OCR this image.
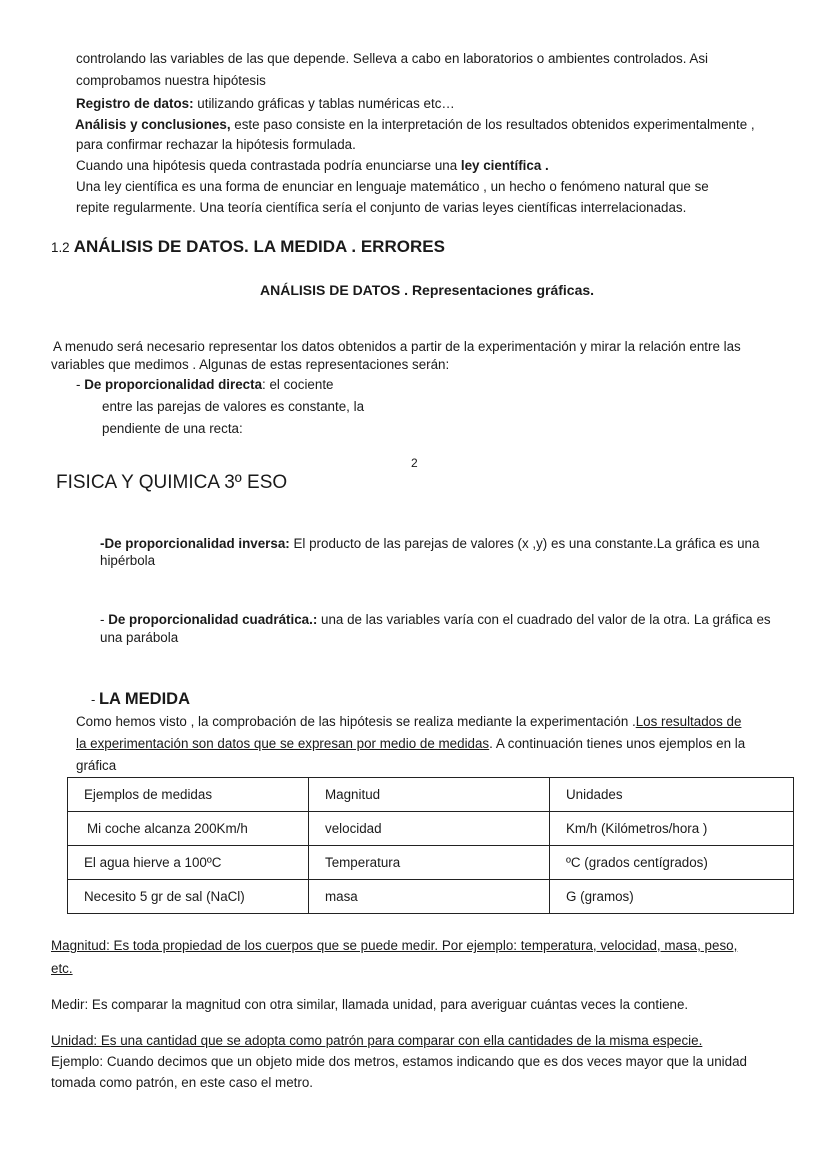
controlando las variables de las que depende. Selleva a cabo en laboratorios o ambientes controlados. Asi
comprobamos nuestra hipótesis
Registro de datos: utilizando gráficas y tablas numéricas etc…
Análisis y conclusiones, este paso consiste en la interpretación de los resultados obtenidos experimentalmente ,
para confirmar rechazar la hipótesis formulada.
Cuando una hipótesis queda contrastada podría enunciarse una ley científica .
Una ley científica es una forma de enunciar en lenguaje matemático , un hecho o fenómeno natural que se
repite regularmente. Una teoría científica sería el conjunto de varias leyes científicas interrelacionadas.
1.2 ANÁLISIS DE DATOS. LA MEDIDA . ERRORES
ANÁLISIS DE DATOS . Representaciones gráficas.
A menudo será necesario representar los datos obtenidos a partir de la experimentación y mirar la relación entre las
variables que medimos . Algunas de estas representaciones serán:
- De proporcionalidad directa: el cociente
entre las parejas de valores es constante, la
pendiente de una recta:
2
FISICA Y QUIMICA 3º ESO
-De proporcionalidad inversa: El producto de las parejas de valores (x ,y) es una constante.La gráfica es una
hipérbola
- De proporcionalidad cuadrática.: una de las variables varía con el cuadrado del valor de la otra. La gráfica es
una parábola
- LA MEDIDA
Como hemos visto , la comprobación de las hipótesis se realiza mediante la experimentación .Los resultados de
la experimentación son datos que se expresan por medio de medidas. A continuación tienes unos ejemplos en la
gráfica
Ejemplos de medidas	Magnitud	Unidades
Mi coche alcanza 200Km/h	velocidad	Km/h (Kilómetros/hora )
El agua hierve a 100ºC	Temperatura	ºC (grados centígrados)
Necesito 5 gr de sal (NaCl)	masa	G (gramos)
Magnitud: Es toda propiedad de los cuerpos que se puede medir. Por ejemplo: temperatura, velocidad, masa, peso,
etc.
Medir: Es comparar la magnitud con otra similar, llamada unidad, para averiguar cuántas veces la contiene.
Unidad: Es una cantidad que se adopta como patrón para comparar con ella cantidades de la misma especie.
Ejemplo: Cuando decimos que un objeto mide dos metros, estamos indicando que es dos veces mayor que la unidad
tomada como patrón, en este caso el metro.
